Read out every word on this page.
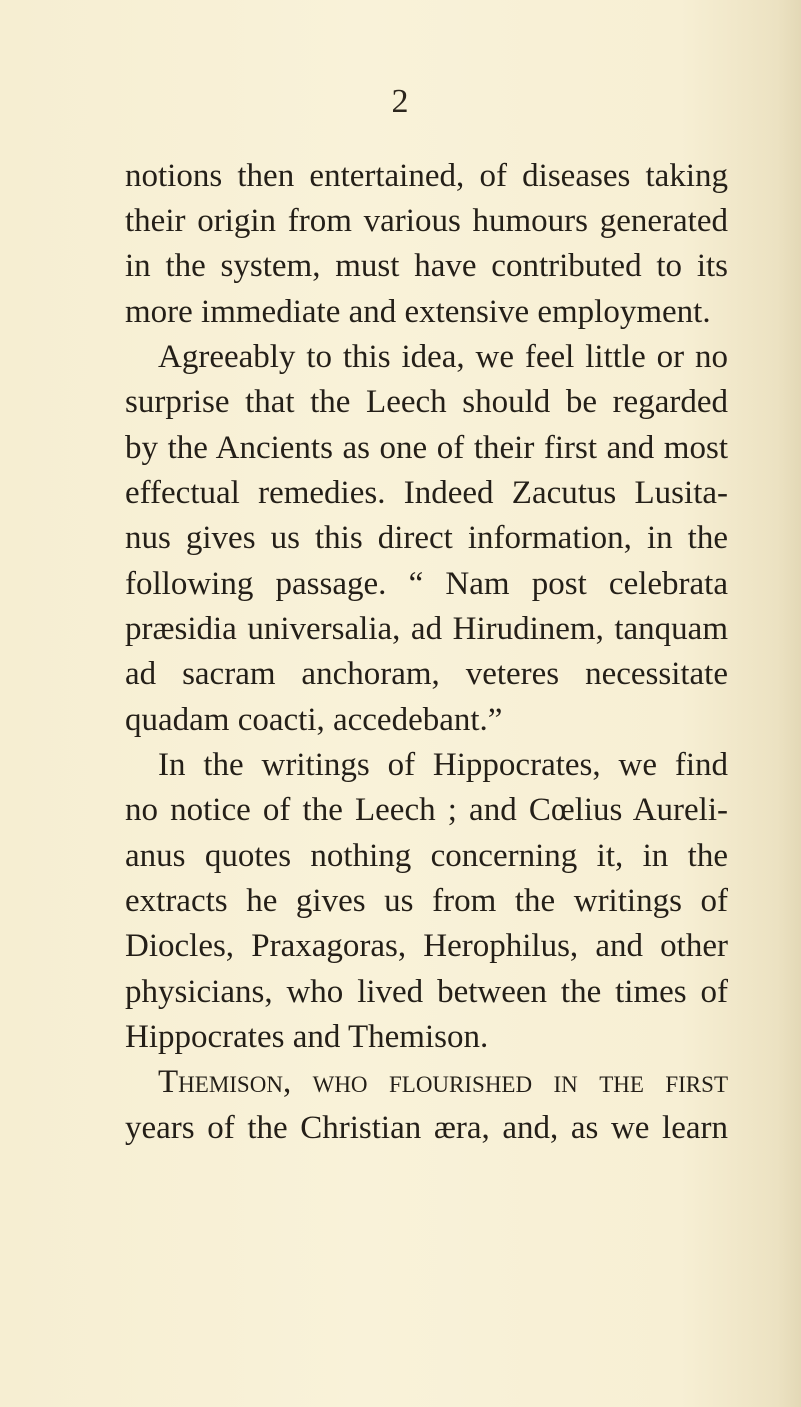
2
notions then entertained, of diseases taking
their origin from various humours generated
in the system, must have contributed to its
more immediate and extensive employment.
Agreeably to this idea, we feel little or no
surprise that the Leech should be regarded
by the Ancients as one of their first and most
effectual remedies. Indeed Zacutus Lusita-
nus gives us this direct information, in the
following passage. “ Nam post celebrata
præsidia universalia, ad Hirudinem, tanquam
ad sacram anchoram, veteres necessitate
quadam coacti, accedebant.”
In the writings of Hippocrates, we find
no notice of the Leech ; and Cœlius Aureli-
anus quotes nothing concerning it, in the
extracts he gives us from the writings of
Diocles, Praxagoras, Herophilus, and other
physicians, who lived between the times of
Hippocrates and Themison.
Themison, who flourished in the first
years of the Christian æra, and, as we learn
